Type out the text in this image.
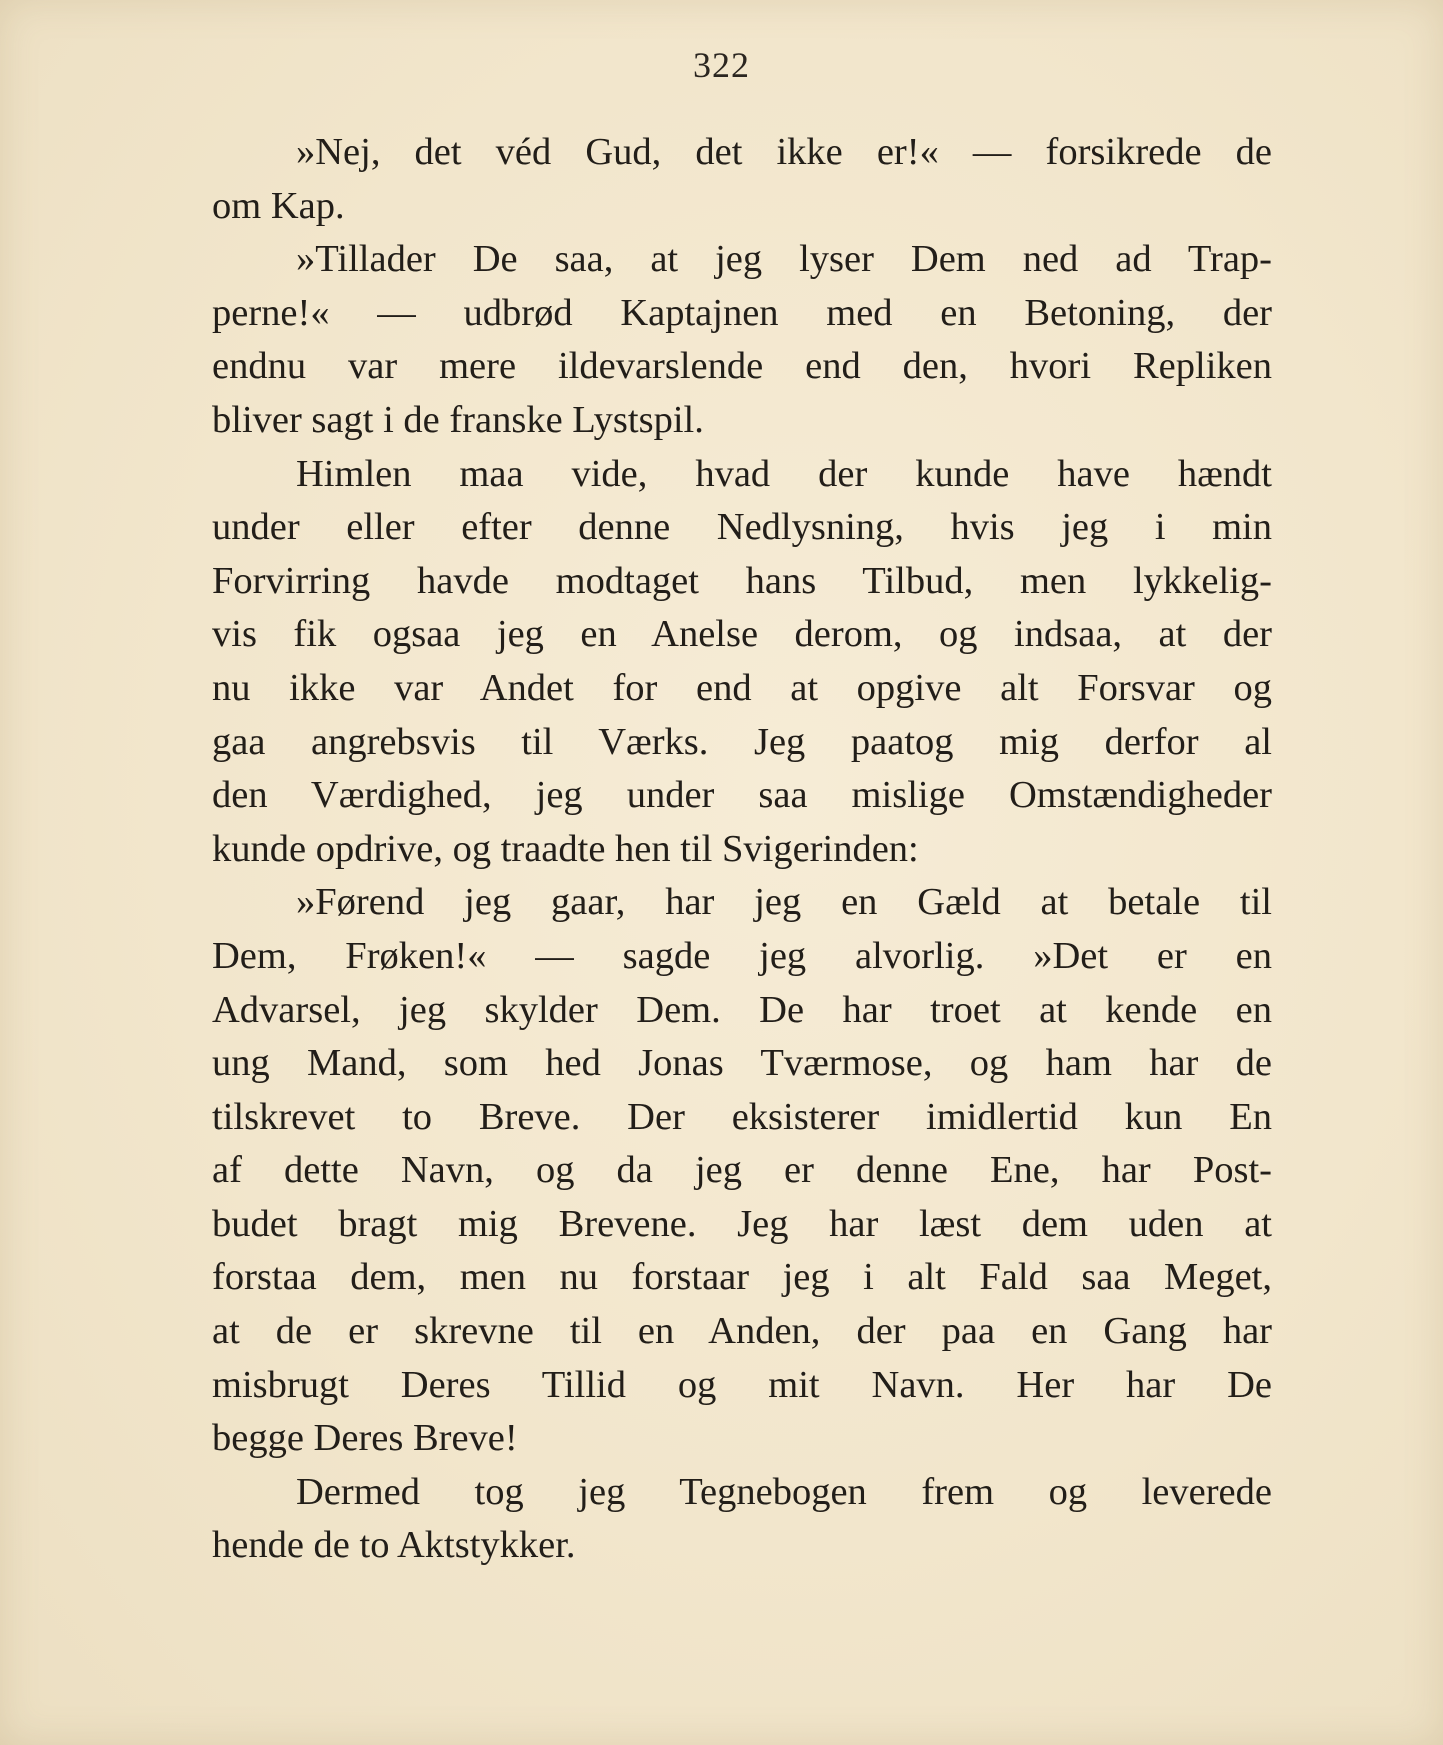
322
»Nej, det véd Gud, det ikke er!« — forsikrede de
om Kap.
»Tillader De saa, at jeg lyser Dem ned ad Trap-
perne!« — udbrød Kaptajnen med en Betoning, der
endnu var mere ildevarslende end den, hvori Repliken
bliver sagt i de franske Lystspil.
Himlen maa vide, hvad der kunde have hændt
under eller efter denne Nedlysning, hvis jeg i min
Forvirring havde modtaget hans Tilbud, men lykkelig-
vis fik ogsaa jeg en Anelse derom, og indsaa, at der
nu ikke var Andet for end at opgive alt Forsvar og
gaa angrebsvis til Værks. Jeg paatog mig derfor al
den Værdighed, jeg under saa mislige Omstændigheder
kunde opdrive, og traadte hen til Svigerinden:
»Førend jeg gaar, har jeg en Gæld at betale til
Dem, Frøken!« — sagde jeg alvorlig. »Det er en
Advarsel, jeg skylder Dem. De har troet at kende en
ung Mand, som hed Jonas Tværmose, og ham har de
tilskrevet to Breve. Der eksisterer imidlertid kun En
af dette Navn, og da jeg er denne Ene, har Post-
budet bragt mig Brevene. Jeg har læst dem uden at
forstaa dem, men nu forstaar jeg i alt Fald saa Meget,
at de er skrevne til en Anden, der paa en Gang har
misbrugt Deres Tillid og mit Navn. Her har De
begge Deres Breve!
Dermed tog jeg Tegnebogen frem og leverede
hende de to Aktstykker.
